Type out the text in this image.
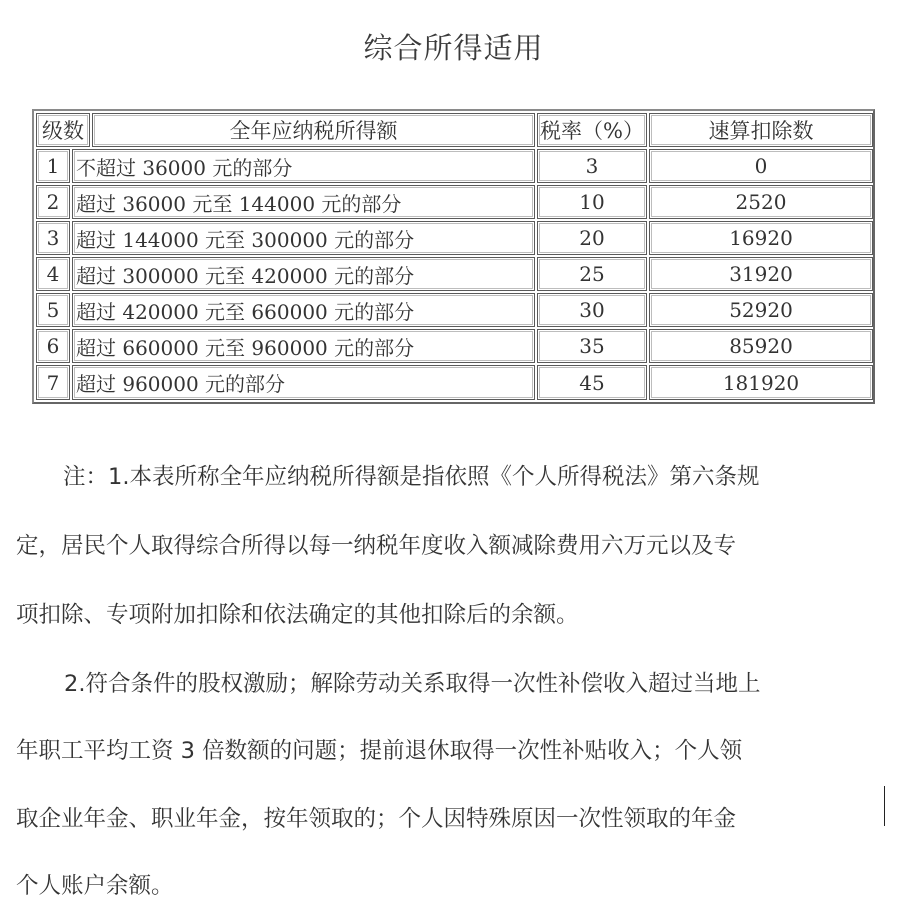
综合所得适用
级数	全年应纳税所得额	税率（%）	速算扣除数
1 不超过 36000 元的部分	3	0
2 超过 36000 元至 144000 元的部分	10	2520
3 超过 144000 元至 300000 元的部分	20	16920
4 超过 300000 元至 420000 元的部分	25	31920
5 超过 420000 元至 660000 元的部分	30	52920
6 超过 660000 元至 960000 元的部分	35	85920
7 超过 960000 元的部分	45	181920
注：1.本表所称全年应纳税所得额是指依照《个人所得税法》第六条规
定，居民个人取得综合所得以每一纳税年度收入额减除费用六万元以及专
项扣除、专项附加扣除和依法确定的其他扣除后的余额。
2.符合条件的股权激励；解除劳动关系取得一次性补偿收入超过当地上
年职工平均工资 3 倍数额的问题；提前退休取得一次性补贴收入；个人领
取企业年金、职业年金，按年领取的；个人因特殊原因一次性领取的年金
个人账户余额。
